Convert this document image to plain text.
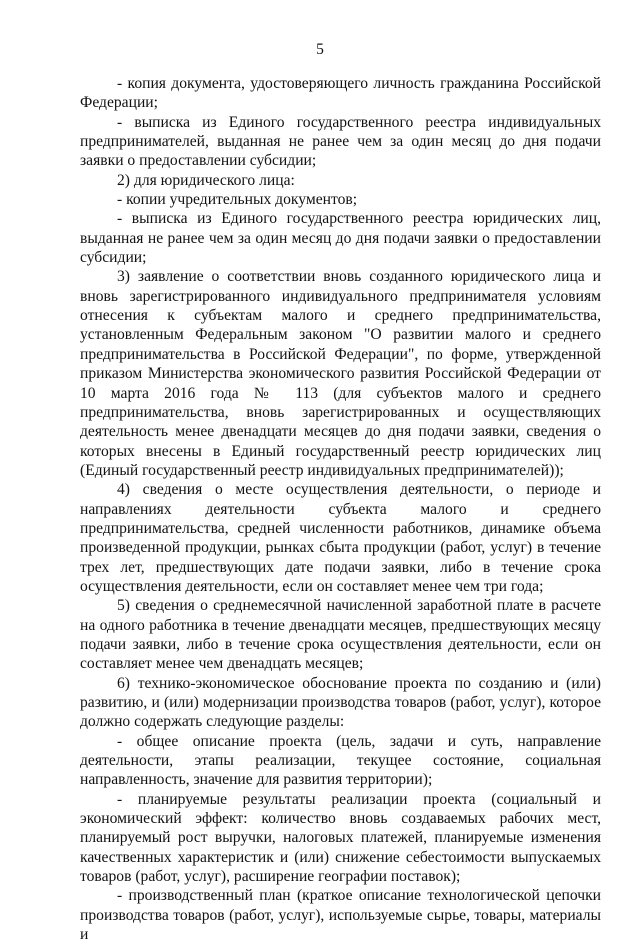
5

- копия документа, удостоверяющего личность гражданина Российской Федерации;

- выписка из Единого государственного реестра индивидуальных предпринимателей, выданная не ранее чем за один месяц до дня подачи заявки о предоставлении субсидии;

2) для юридического лица:

- копии учредительных документов;

- выписка из Единого государственного реестра юридических лиц, выданная не ранее чем за один месяц до дня подачи заявки о предоставлении субсидии;

3) заявление о соответствии вновь созданного юридического лица и вновь зарегистрированного индивидуального предпринимателя условиям отнесения к субъектам малого и среднего предпринимательства, установленным Федеральным законом "О развитии малого и среднего предпринимательства в Российской Федерации", по форме, утвержденной приказом Министерства экономического развития Российской Федерации от 10 марта 2016 года № 113 (для субъектов малого и среднего предпринимательства, вновь зарегистрированных и осуществляющих деятельность менее двенадцати месяцев до дня подачи заявки, сведения о которых внесены в Единый государственный реестр юридических лиц (Единый государственный реестр индивидуальных предпринимателей));

4) сведения о месте осуществления деятельности, о периоде и направлениях деятельности субъекта малого и среднего предпринимательства, средней численности работников, динамике объема произведенной продукции, рынках сбыта продукции (работ, услуг) в течение трех лет, предшествующих дате подачи заявки, либо в течение срока осуществления деятельности, если он составляет менее чем три года;

5) сведения о среднемесячной начисленной заработной плате в расчете на одного работника в течение двенадцати месяцев, предшествующих месяцу подачи заявки, либо в течение срока осуществления деятельности, если он составляет менее чем двенадцать месяцев;

6) технико-экономическое обоснование проекта по созданию и (или) развитию, и (или) модернизации производства товаров (работ, услуг), которое должно содержать следующие разделы:

- общее описание проекта (цель, задачи и суть, направление деятельности, этапы реализации, текущее состояние, социальная направленность, значение для развития территории);

- планируемые результаты реализации проекта (социальный и экономический эффект: количество вновь создаваемых рабочих мест, планируемый рост выручки, налоговых платежей, планируемые изменения качественных характеристик и (или) снижение себестоимости выпускаемых товаров (работ, услуг), расширение географии поставок);

- производственный план (краткое описание технологической цепочки производства товаров (работ, услуг), используемые сырье, товары, материалы и
